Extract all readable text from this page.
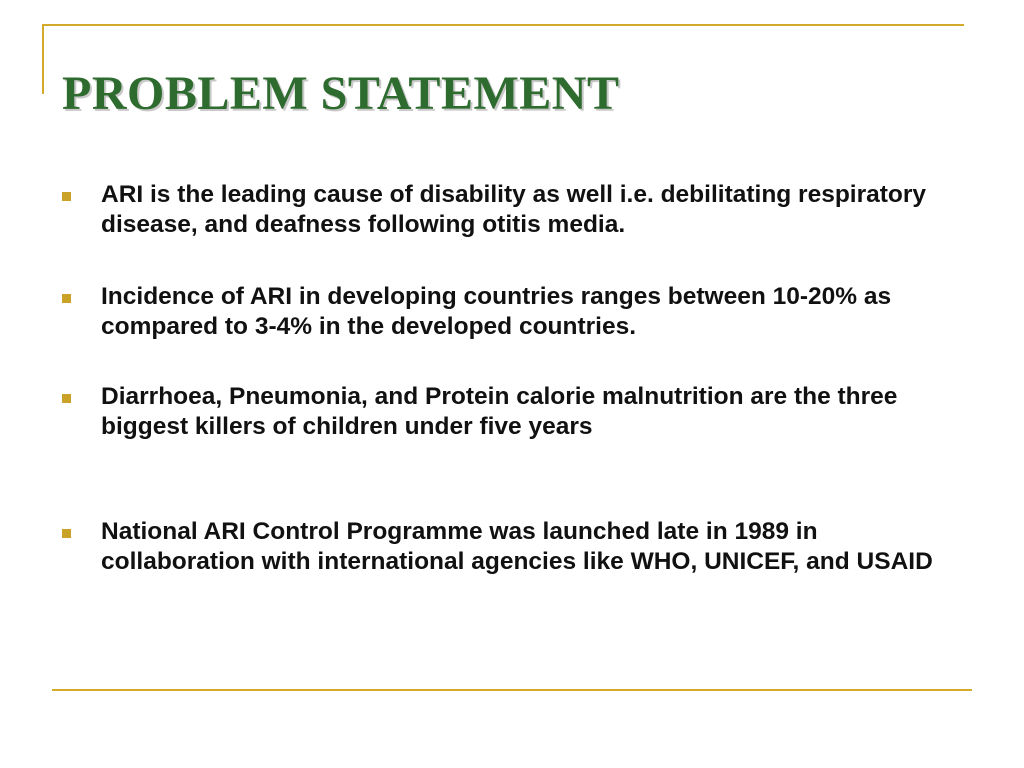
PROBLEM STATEMENT
ARI is the leading cause of disability as well i.e. debilitating respiratory disease, and deafness following otitis media.
Incidence of ARI in developing countries ranges between 10-20% as compared to 3-4% in the developed countries.
Diarrhoea, Pneumonia, and Protein calorie malnutrition are the three biggest killers of children under five years
National ARI Control Programme was launched late in 1989 in collaboration with international agencies like WHO, UNICEF, and USAID
